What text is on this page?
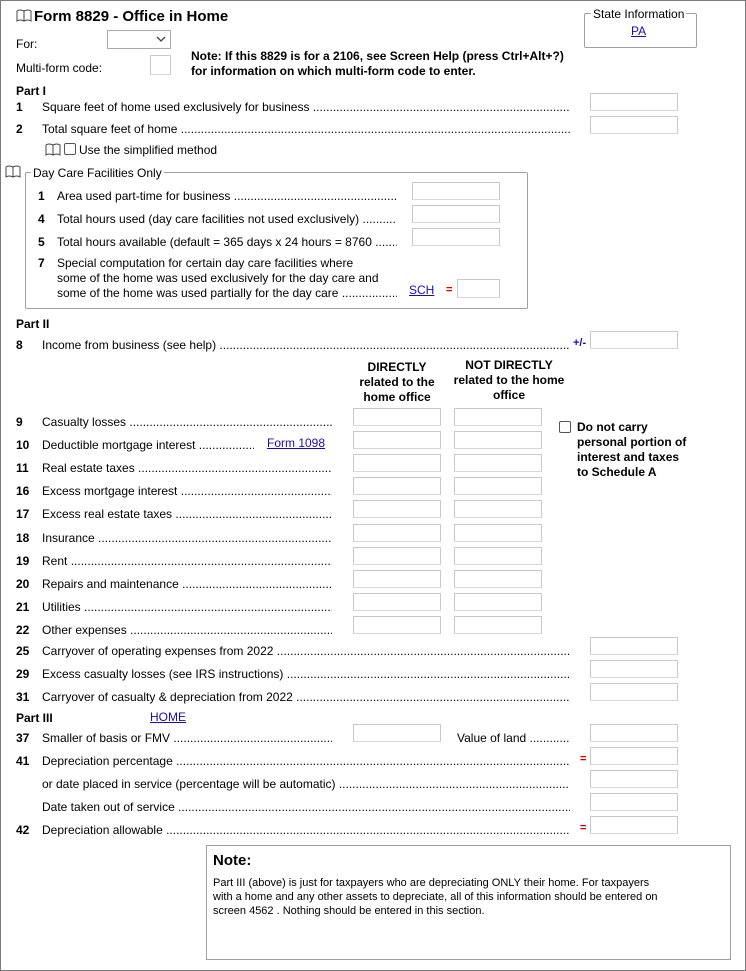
Form 8829 - Office in Home
For:
Multi-form code:
Note: If this 8829 is for a 2106, see Screen Help (press Ctrl+Alt+?)
for information on which multi-form code to enter.
State Information
PA
Part I
1 Square feet of home used exclusively for business .....
2 Total square feet of home .....
Use the simplified method
Day Care Facilities Only
1 Area used part-time for business .....
4 Total hours used (day care facilities not used exclusively) .....
5 Total hours available (default = 365 days x 24 hours = 8760 .....
7 Special computation for certain day care facilities where
some of the home was used exclusively for the day care and
some of the home was used partially for the day care .....	SCH =
Part II
8 Income from business (see help) .....	+/-
DIRECTLY
related to the
home office
NOT DIRECTLY
related to the home
office
9 Casualty losses .....
10 Deductible mortgage interest .....
11 Real estate taxes .....
16 Excess mortgage interest .....
17 Excess real estate taxes .....
18 Insurance .....
19 Rent .....
20 Repairs and maintenance .....
21 Utilities .....
22 Other expenses .....
Do not carry
personal portion of
interest and taxes
to Schedule A
Form 1098
25 Carryover of operating expenses from 2022 .....
29 Excess casualty losses (see IRS instructions) .....
31 Carryover of casualty & depreciation from 2022 .....
Part III	HOME
37 Smaller of basis or FMV .....	Value of land .....
41 Depreciation percentage .....	=
or date placed in service (percentage will be automatic) .....
Date taken out of service .....
42 Depreciation allowable .....	=
Note:
Part III (above) is just for taxpayers who are depreciating ONLY their home. For taxpayers
with a home and any other assets to depreciate, all of this information should be entered on
screen 4562 . Nothing should be entered in this section.
